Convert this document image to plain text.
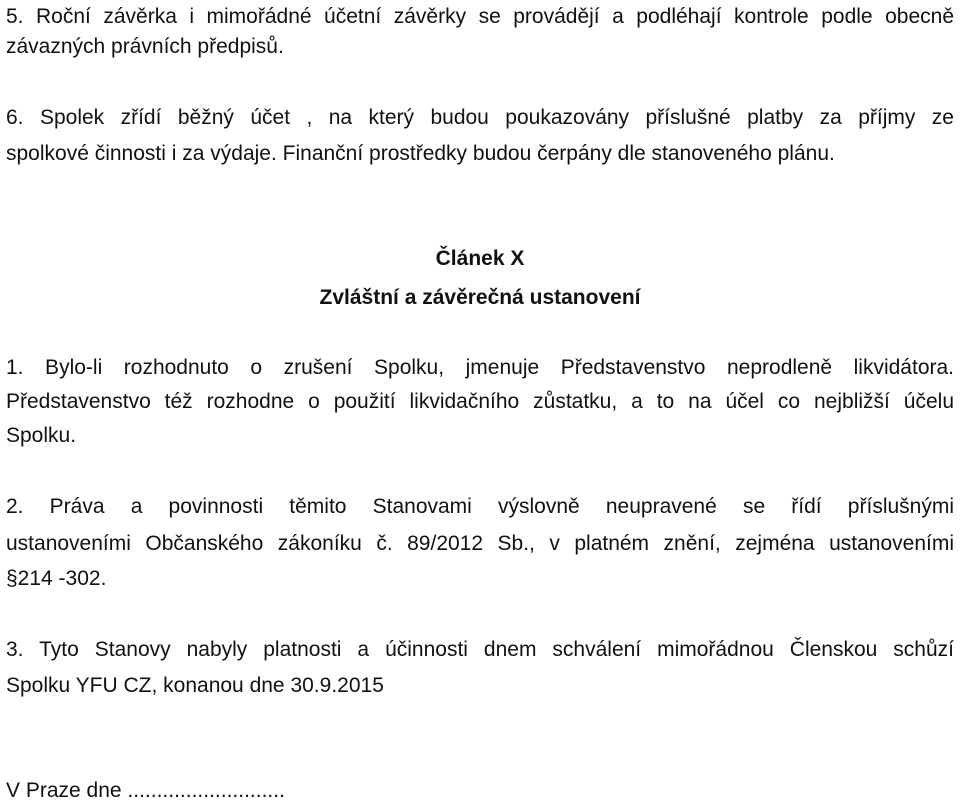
5. Roční závěrka i mimořádné účetní závěrky se provádějí a podléhají kontrole podle obecně
závazných právních předpisů.
6. Spolek zřídí běžný účet , na který budou poukazovány příslušné platby za příjmy ze
spolkové činnosti i za výdaje. Finanční prostředky budou čerpány dle stanoveného plánu.
Článek X
Zvláštní a závěrečná ustanovení
1. Bylo-li rozhodnuto o zrušení Spolku, jmenuje Představenstvo neprodleně likvidátora.
Představenstvo též rozhodne o použití likvidačního zůstatku, a to na účel co nejbližší účelu
Spolku.
2. Práva a povinnosti těmito Stanovami výslovně neupravené se řídí příslušnými
ustanoveními Občanského zákoníku č. 89/2012 Sb., v platném znění, zejména ustanoveními
§214 -302.
3. Tyto Stanovy nabyly platnosti a účinnosti dnem schválení mimořádnou Členskou schůzí
Spolku YFU CZ, konanou dne 30.9.2015
V Praze dne ...........................
